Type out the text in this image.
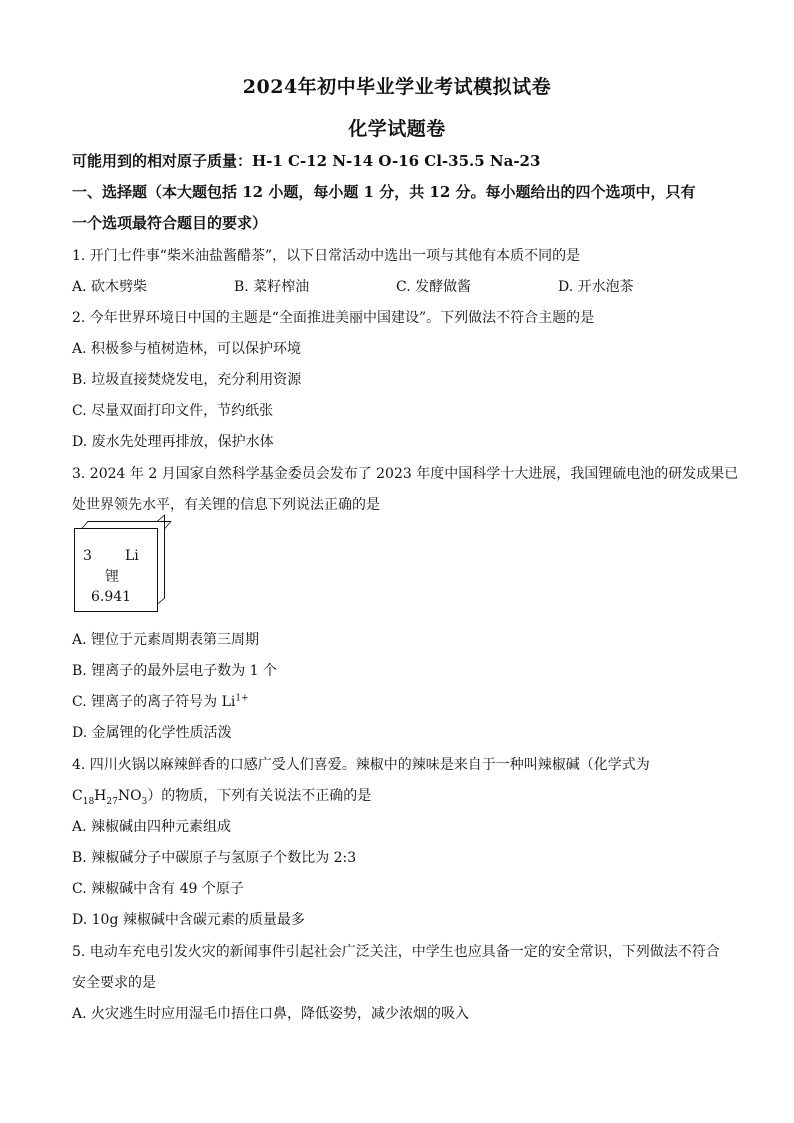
2024年初中毕业学业考试模拟试卷
化学试题卷
可能用到的相对原子质量：H-1 C-12 N-14 O-16 Cl-35.5 Na-23
一、选择题（本大题包括 12 小题，每小题 1 分，共 12 分。每小题给出的四个选项中，只有
一个选项最符合题目的要求）
1. 开门七件事“柴米油盐酱醋茶”，以下日常活动中选出一项与其他有本质不同的是
A. 砍木劈柴	B. 菜籽榨油	C. 发酵做酱	D. 开水泡茶
2. 今年世界环境日中国的主题是“全面推进美丽中国建设”。下列做法不符合主题的是
A. 积极参与植树造林，可以保护环境
B. 垃圾直接焚烧发电，充分利用资源
C. 尽量双面打印文件，节约纸张
D. 废水先处理再排放，保护水体
3. 2024 年 2 月国家自然科学基金委员会发布了 2023 年度中国科学十大进展，我国锂硫电池的研发成果已
处世界领先水平，有关锂的信息下列说法正确的是
3 Li
锂
6.941
A. 锂位于元素周期表第三周期
B. 锂离子的最外层电子数为 1 个
C. 锂离子的离子符号为 $Li^{1+}$
D. 金属锂的化学性质活泼
4. 四川火锅以麻辣鲜香的口感广受人们喜爱。辣椒中的辣味是来自于一种叫辣椒碱（化学式为
$C_{18}H_{27}NO_3$）的物质，下列有关说法不正确的是
A. 辣椒碱由四种元素组成
B. 辣椒碱分子中碳原子与氢原子个数比为 2:3
C. 辣椒碱中含有 49 个原子
D. 10g 辣椒碱中含碳元素的质量最多
5. 电动车充电引发火灾的新闻事件引起社会广泛关注，中学生也应具备一定的安全常识，下列做法不符合
安全要求的是
A. 火灾逃生时应用湿毛巾捂住口鼻，降低姿势，减少浓烟的吸入
